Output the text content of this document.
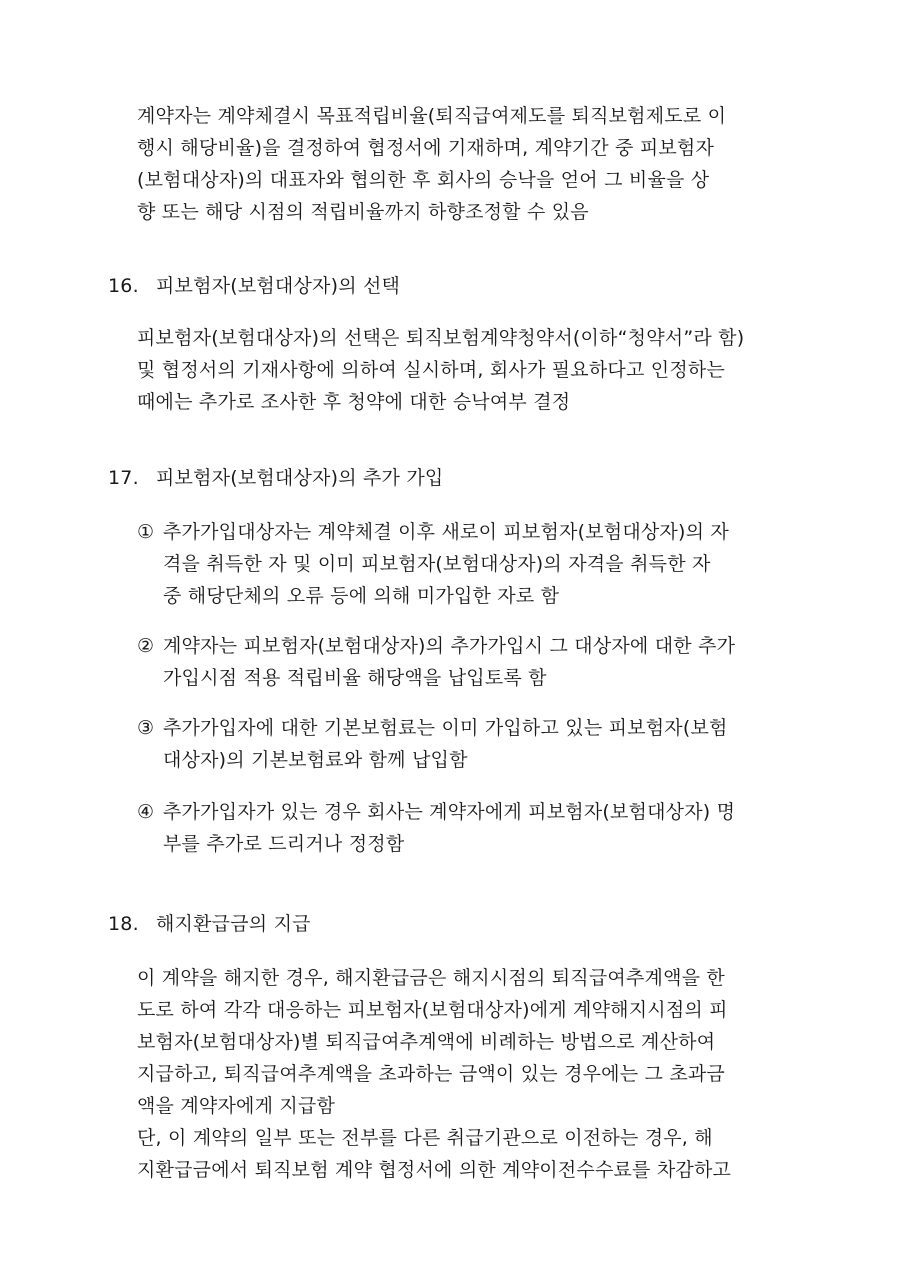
계약자는 계약체결시 목표적립비율(퇴직급여제도를 퇴직보험제도로 이
행시 해당비율)을 결정하여 협정서에 기재하며, 계약기간 중 피보험자
(보험대상자)의 대표자와 협의한 후 회사의 승낙을 얻어 그 비율을 상
향 또는 해당 시점의 적립비율까지 하향조정할 수 있음
16. 피보험자(보험대상자)의 선택
피보험자(보험대상자)의 선택은 퇴직보험계약청약서(이하“청약서”라 함)
및 협정서의 기재사항에 의하여 실시하며, 회사가 필요하다고 인정하는
때에는 추가로 조사한 후 청약에 대한 승낙여부 결정
17. 피보험자(보험대상자)의 추가 가입
① 추가가입대상자는 계약체결 이후 새로이 피보험자(보험대상자)의 자
격을 취득한 자 및 이미 피보험자(보험대상자)의 자격을 취득한 자
중 해당단체의 오류 등에 의해 미가입한 자로 함
② 계약자는 피보험자(보험대상자)의 추가가입시 그 대상자에 대한 추가
가입시점 적용 적립비율 해당액을 납입토록 함
③ 추가가입자에 대한 기본보험료는 이미 가입하고 있는 피보험자(보험
대상자)의 기본보험료와 함께 납입함
④ 추가가입자가 있는 경우 회사는 계약자에게 피보험자(보험대상자) 명
부를 추가로 드리거나 정정함
18. 해지환급금의 지급
이 계약을 해지한 경우, 해지환급금은 해지시점의 퇴직급여추계액을 한
도로 하여 각각 대응하는 피보험자(보험대상자)에게 계약해지시점의 피
보험자(보험대상자)별 퇴직급여추계액에 비례하는 방법으로 계산하여
지급하고, 퇴직급여추계액을 초과하는 금액이 있는 경우에는 그 초과금
액을 계약자에게 지급함
단, 이 계약의 일부 또는 전부를 다른 취급기관으로 이전하는 경우, 해
지환급금에서 퇴직보험 계약 협정서에 의한 계약이전수수료를 차감하고
